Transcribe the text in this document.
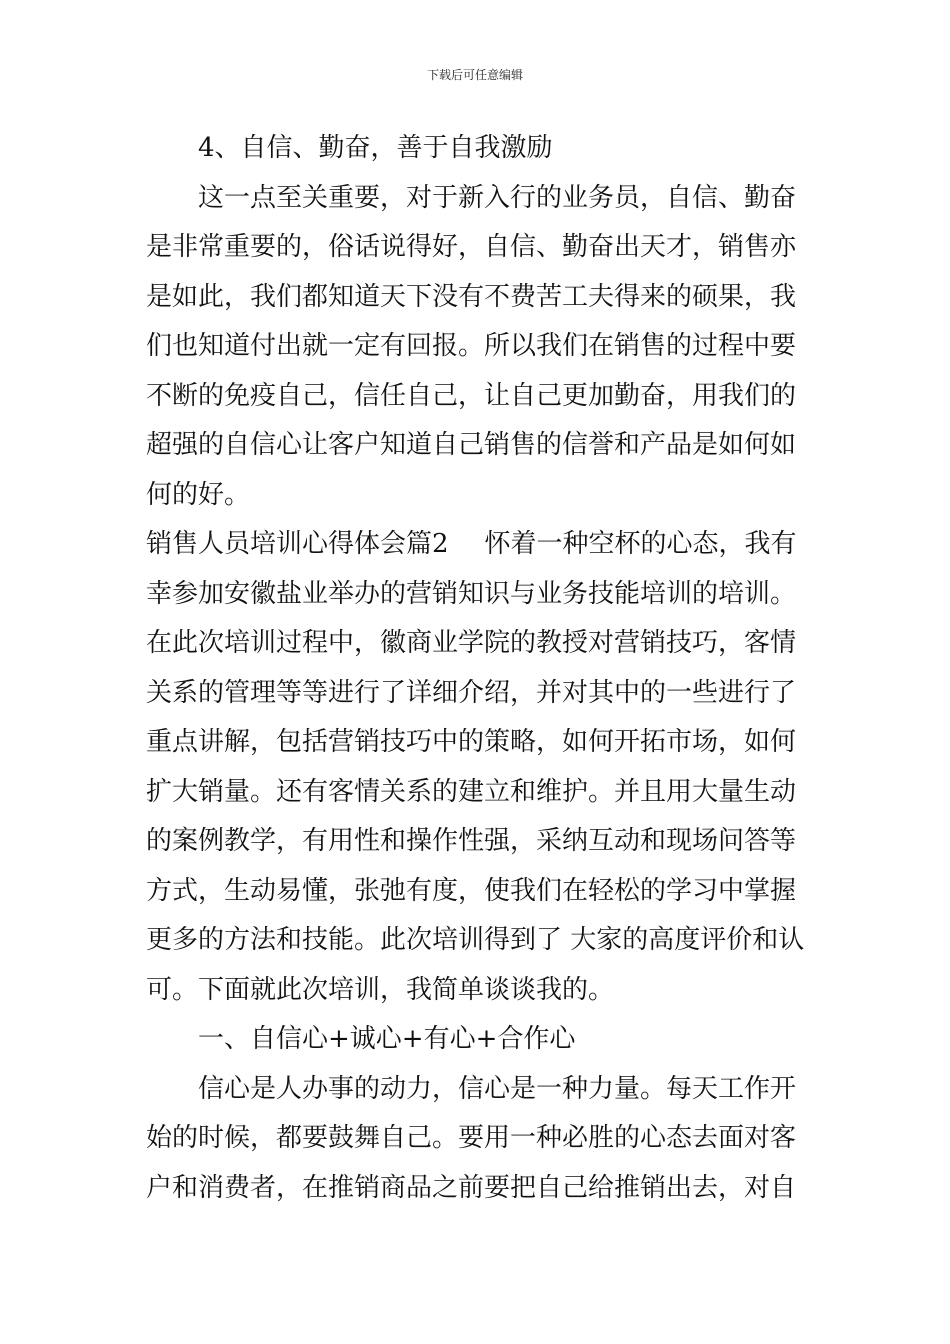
下载后可任意编辑
4、自信、勤奋，善于自我激励
这一点至关重要，对于新入行的业务员，自信、勤奋
是非常重要的，俗话说得好，自信、勤奋出天才，销售亦
是如此，我们都知道天下没有不费苦工夫得来的硕果，我
们也知道付出就一定有回报。所以我们在销售的过程中要
不断的免疫自己，信任自己，让自己更加勤奋，用我们的
超强的自信心让客户知道自己销售的信誉和产品是如何如
何的好。
销售人员培训心得体会篇2 怀着一种空杯的心态，我有
幸参加安徽盐业举办的营销知识与业务技能培训的培训。
在此次培训过程中，徽商业学院的教授对营销技巧，客情
关系的管理等等进行了详细介绍，并对其中的一些进行了
重点讲解，包括营销技巧中的策略，如何开拓市场，如何
扩大销量。还有客情关系的建立和维护。并且用大量生动
的案例教学，有用性和操作性强，采纳互动和现场问答等
方式，生动易懂，张弛有度，使我们在轻松的学习中掌握
更多的方法和技能。此次培训得到了 大家的高度评价和认
可。下面就此次培训，我简单谈谈我的。
一、自信心+诚心+有心+合作心
信心是人办事的动力，信心是一种力量。每天工作开
始的时候，都要鼓舞自己。要用一种必胜的心态去面对客
户和消费者，在推销商品之前要把自己给推销出去，对自
